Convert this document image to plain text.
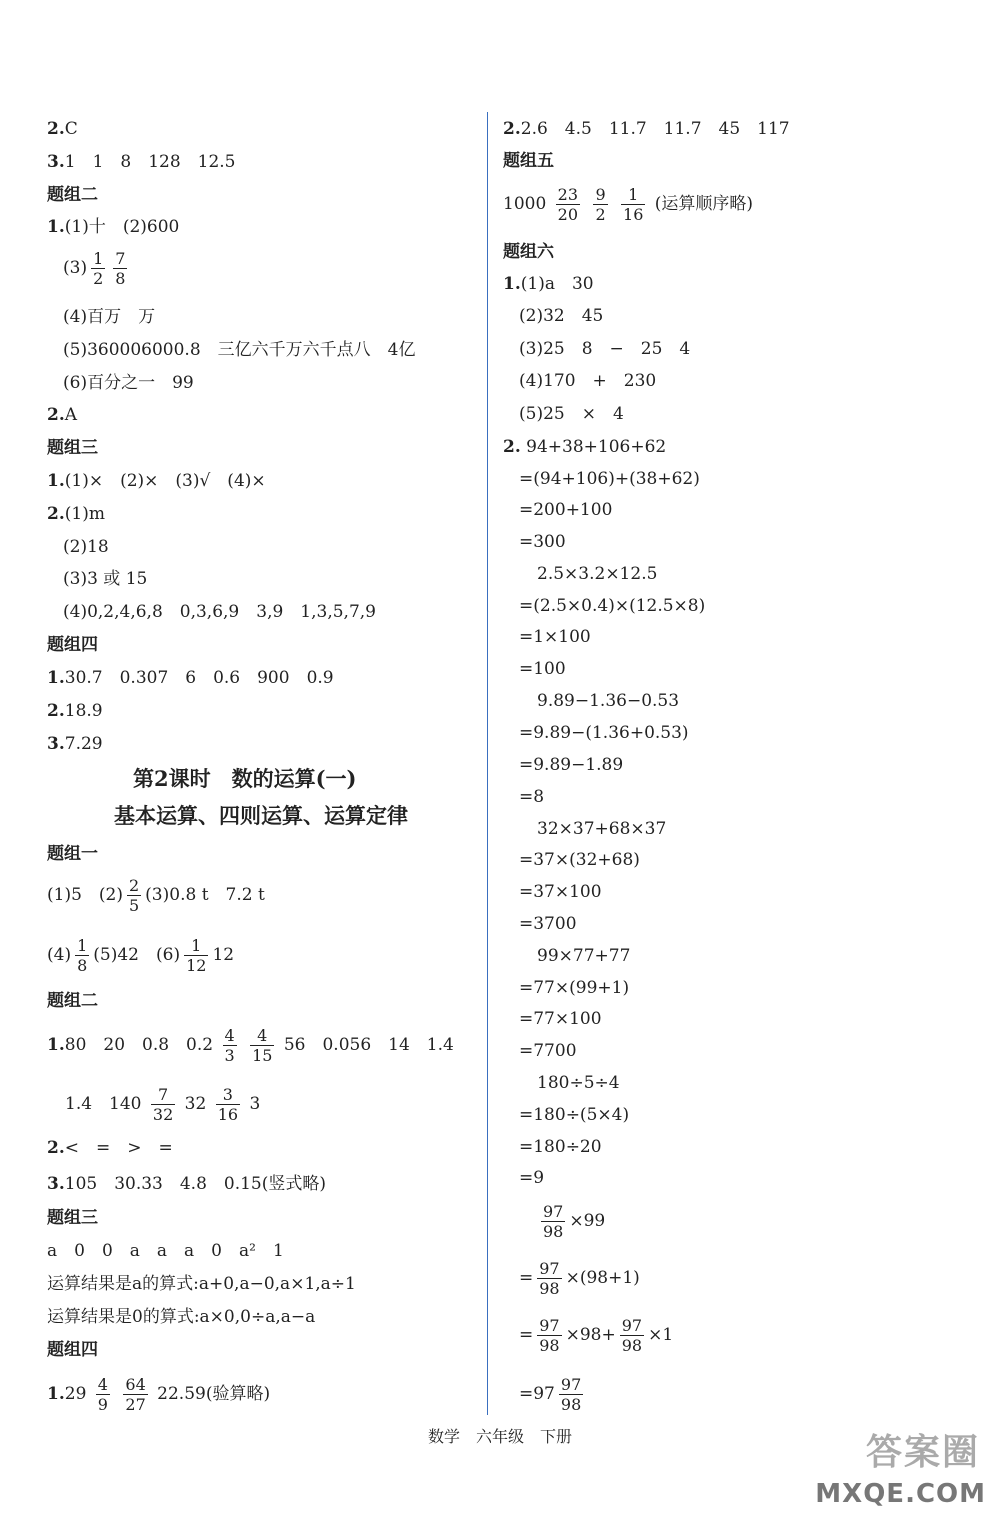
2.C
3.1　1　8　128　12.5
题组二
1.(1)十　(2)600
$(3) \frac{1}{2} \frac{7}{8}$
(4)百万　万
(5)360006000.8　三亿六千万六千点八　4亿
(6)百分之一　99
2.A
题组三
1.(1)×　(2)×　(3)√　(4)×
2.(1)m
(2)18
(3)3 或 15
(4)0,2,4,6,8　0,3,6,9　3,9　1,3,5,7,9
题组四
1.30.7　0.307　6　0.6　900　0.9
2.18.9
3.7.29
第2课时　数的运算(一)
基本运算、四则运算、运算定律
题组一
$(4) \frac{1}{8} (5)42$　$(6) \frac{1}{12} 12$
题组二
2.<　=　>　=
3.105　30.33　4.8　0.15(竖式略)
题组三
a　0　0　a　a　a　0　a²　1
运算结果是a的算式:a+0,a−0,a×1,a÷1
运算结果是0的算式:a×0,0÷a,a−a
题组四
(1)5　$(2) \frac{2}{5} (3)0.8$ t　7.2 t
1.80　20　0.8　$0.2 \frac{4}{3}$
$\frac{4}{15} 56$　0.056　14　1.4
1.4　$140 \frac{7}{32} 32 \frac{3}{16} 3$
$1.29 \frac{4}{9}$
$\frac{64}{27} 22.59$(验算略)
2.2.6　4.5　11.7　11.7　45　117
题组五
题组六
1.(1)a　30
(2)32　45
(3)25　8　−　25　4
(4)170　+　230
(5)25　×　4
2. 94+38+106+62
=(94+106)+(38+62)
=200+100
=300
2.5×3.2×12.5
=(2.5×0.4)×(12.5×8)
=1×100
=100
9.89−1.36−0.53
=9.89−(1.36+0.53)
=9.89−1.89
=8
32×37+68×37
=37×(32+68)
=37×100
=3700
99×77+77
=77×(99+1)
=77×100
=7700
180÷5÷4
=180÷(5×4)
=180÷20
=9
$1000 \frac{23}{20}$
$\frac{9}{2}$
$\frac{1}{16}$ (运算顺序略)
$\frac{97}{98} \times 99$
= $\frac{97}{98} \times(98+1)$
= $\frac{97}{98} \times 98+ \frac{97}{98} \times 1$
$=97 \frac{97}{98}$
数学　六年级　下册	答案圈
MXQE.COM
